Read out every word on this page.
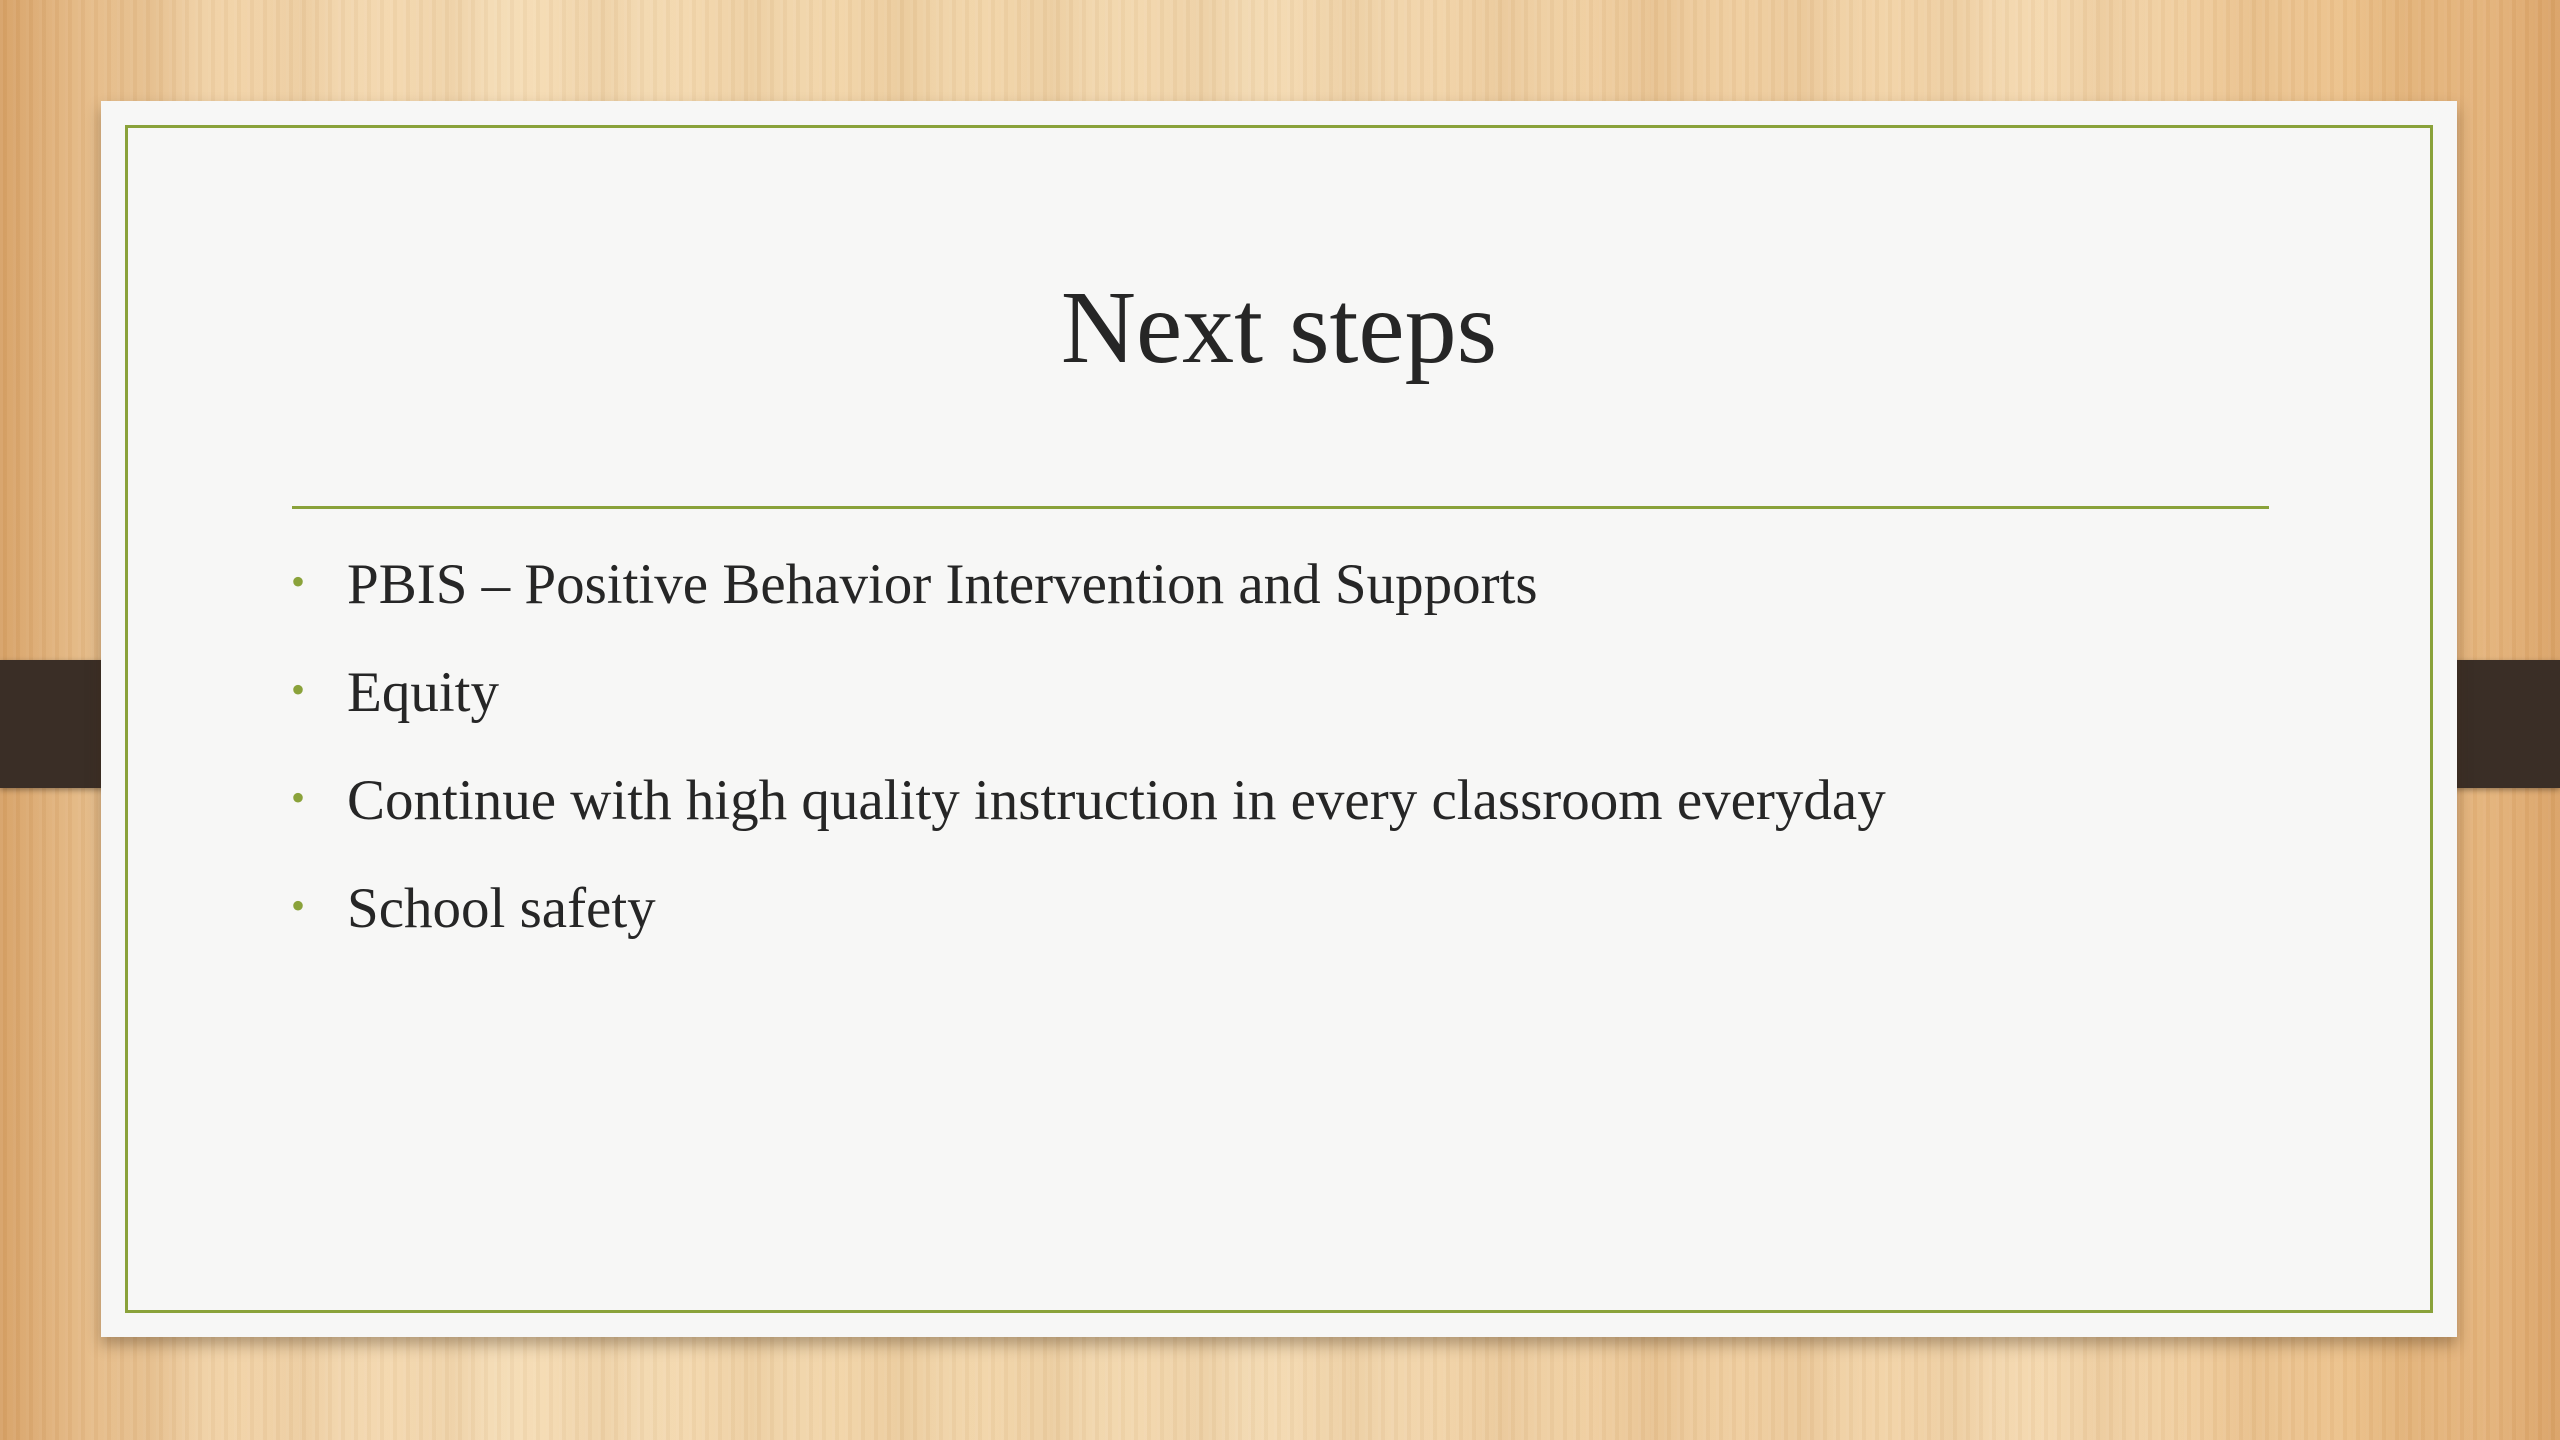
Next steps
• PBIS – Positive Behavior Intervention and Supports
• Equity
• Continue with high quality instruction in every classroom everyday
• School safety
